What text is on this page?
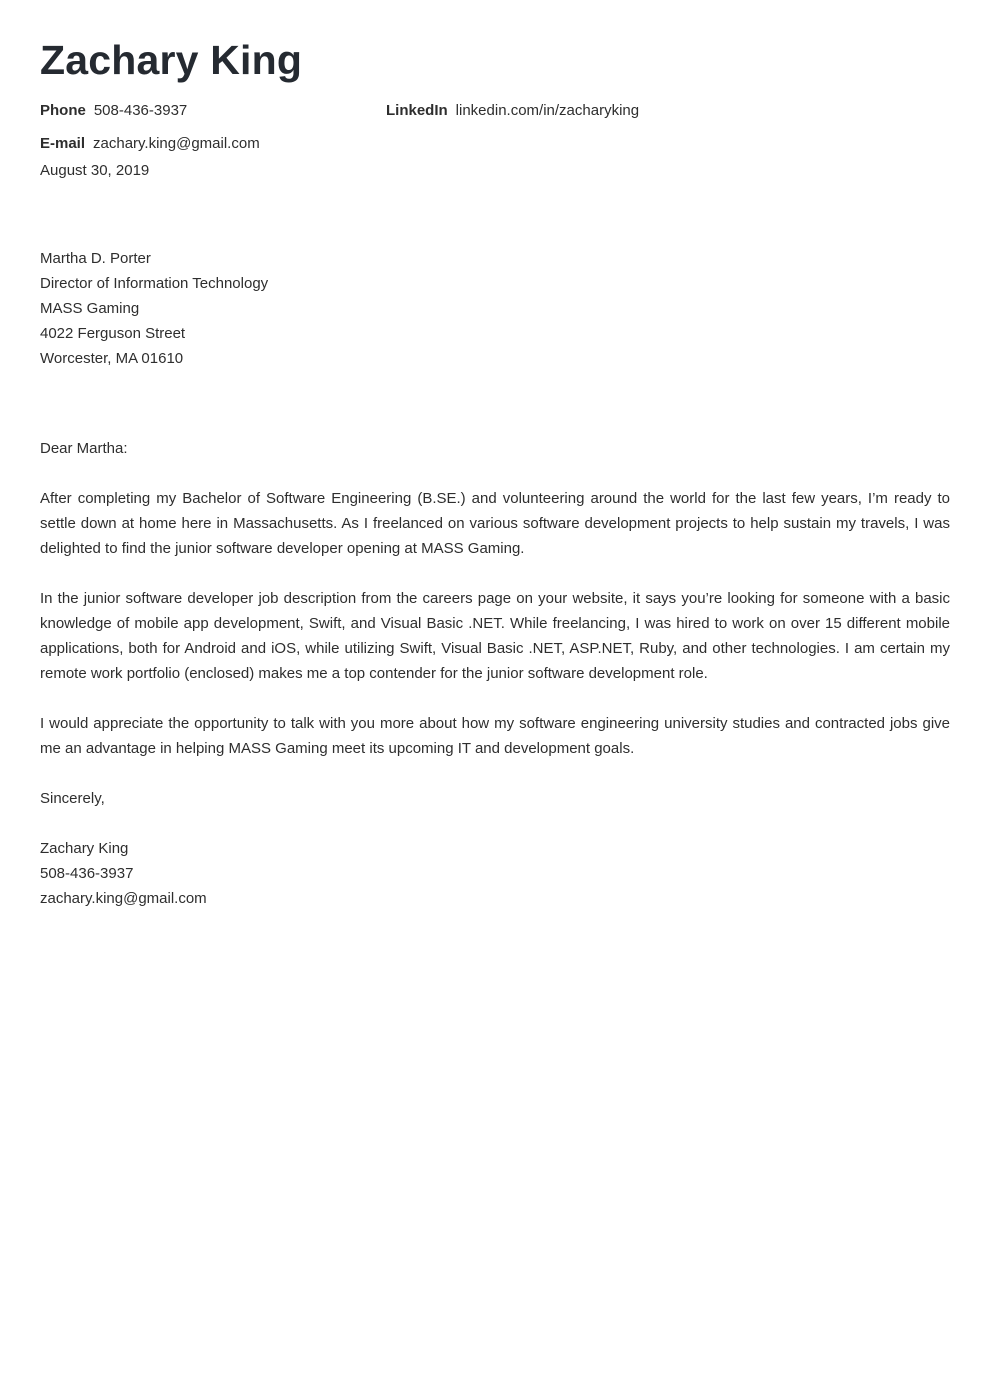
Zachary King
Phone 508-436-3937	LinkedIn linkedin.com/in/zacharyking
E-mail zachary.king@gmail.com
August 30, 2019
Martha D. Porter
Director of Information Technology
MASS Gaming
4022 Ferguson Street
Worcester, MA 01610
Dear Martha:

After completing my Bachelor of Software Engineering (B.SE.) and volunteering around the world for the last few years, I’m ready to settle down at home here in Massachusetts. As I freelanced on various software development projects to help sustain my travels, I was delighted to find the junior software developer opening at MASS Gaming.

In the junior software developer job description from the careers page on your website, it says you’re looking for someone with a basic knowledge of mobile app development, Swift, and Visual Basic .NET. While freelancing, I was hired to work on over 15 different mobile applications, both for Android and iOS, while utilizing Swift, Visual Basic .NET, ASP.NET, Ruby, and other technologies. I am certain my remote work portfolio (enclosed) makes me a top contender for the junior software development role.

I would appreciate the opportunity to talk with you more about how my software engineering university studies and contracted jobs give me an advantage in helping MASS Gaming meet its upcoming IT and development goals.

Sincerely,
Zachary King
508-436-3937
zachary.king@gmail.com
